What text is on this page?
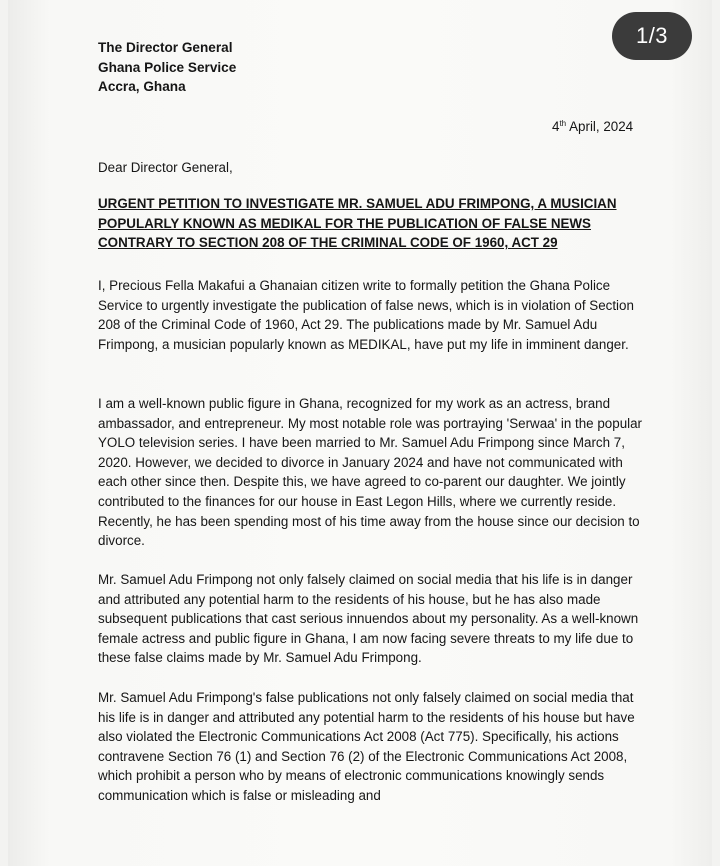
1/3
The Director General
Ghana Police Service
Accra, Ghana
4th April, 2024
Dear Director General,
URGENT PETITION TO INVESTIGATE MR. SAMUEL ADU FRIMPONG, A MUSICIAN POPULARLY KNOWN AS MEDIKAL FOR THE PUBLICATION OF FALSE NEWS CONTRARY TO SECTION 208 OF THE CRIMINAL CODE OF 1960, ACT 29

I, Precious Fella Makafui a Ghanaian citizen write to formally petition the Ghana Police Service to urgently investigate the publication of false news, which is in violation of Section 208 of the Criminal Code of 1960, Act 29. The publications made by Mr. Samuel Adu Frimpong, a musician popularly known as MEDIKAL, have put my life in imminent danger.

I am a well-known public figure in Ghana, recognized for my work as an actress, brand ambassador, and entrepreneur. My most notable role was portraying 'Serwaa' in the popular YOLO television series. I have been married to Mr. Samuel Adu Frimpong since March 7, 2020. However, we decided to divorce in January 2024 and have not communicated with each other since then. Despite this, we have agreed to co-parent our daughter. We jointly contributed to the finances for our house in East Legon Hills, where we currently reside. Recently, he has been spending most of his time away from the house since our decision to divorce.

Mr. Samuel Adu Frimpong not only falsely claimed on social media that his life is in danger and attributed any potential harm to the residents of his house, but he has also made subsequent publications that cast serious innuendos about my personality. As a well-known female actress and public figure in Ghana, I am now facing severe threats to my life due to these false claims made by Mr. Samuel Adu Frimpong.

Mr. Samuel Adu Frimpong's false publications not only falsely claimed on social media that his life is in danger and attributed any potential harm to the residents of his house but have also violated the Electronic Communications Act 2008 (Act 775). Specifically, his actions contravene Section 76 (1) and Section 76 (2) of the Electronic Communications Act 2008, which prohibit a person who by means of electronic communications knowingly sends communication which is false or misleading and
